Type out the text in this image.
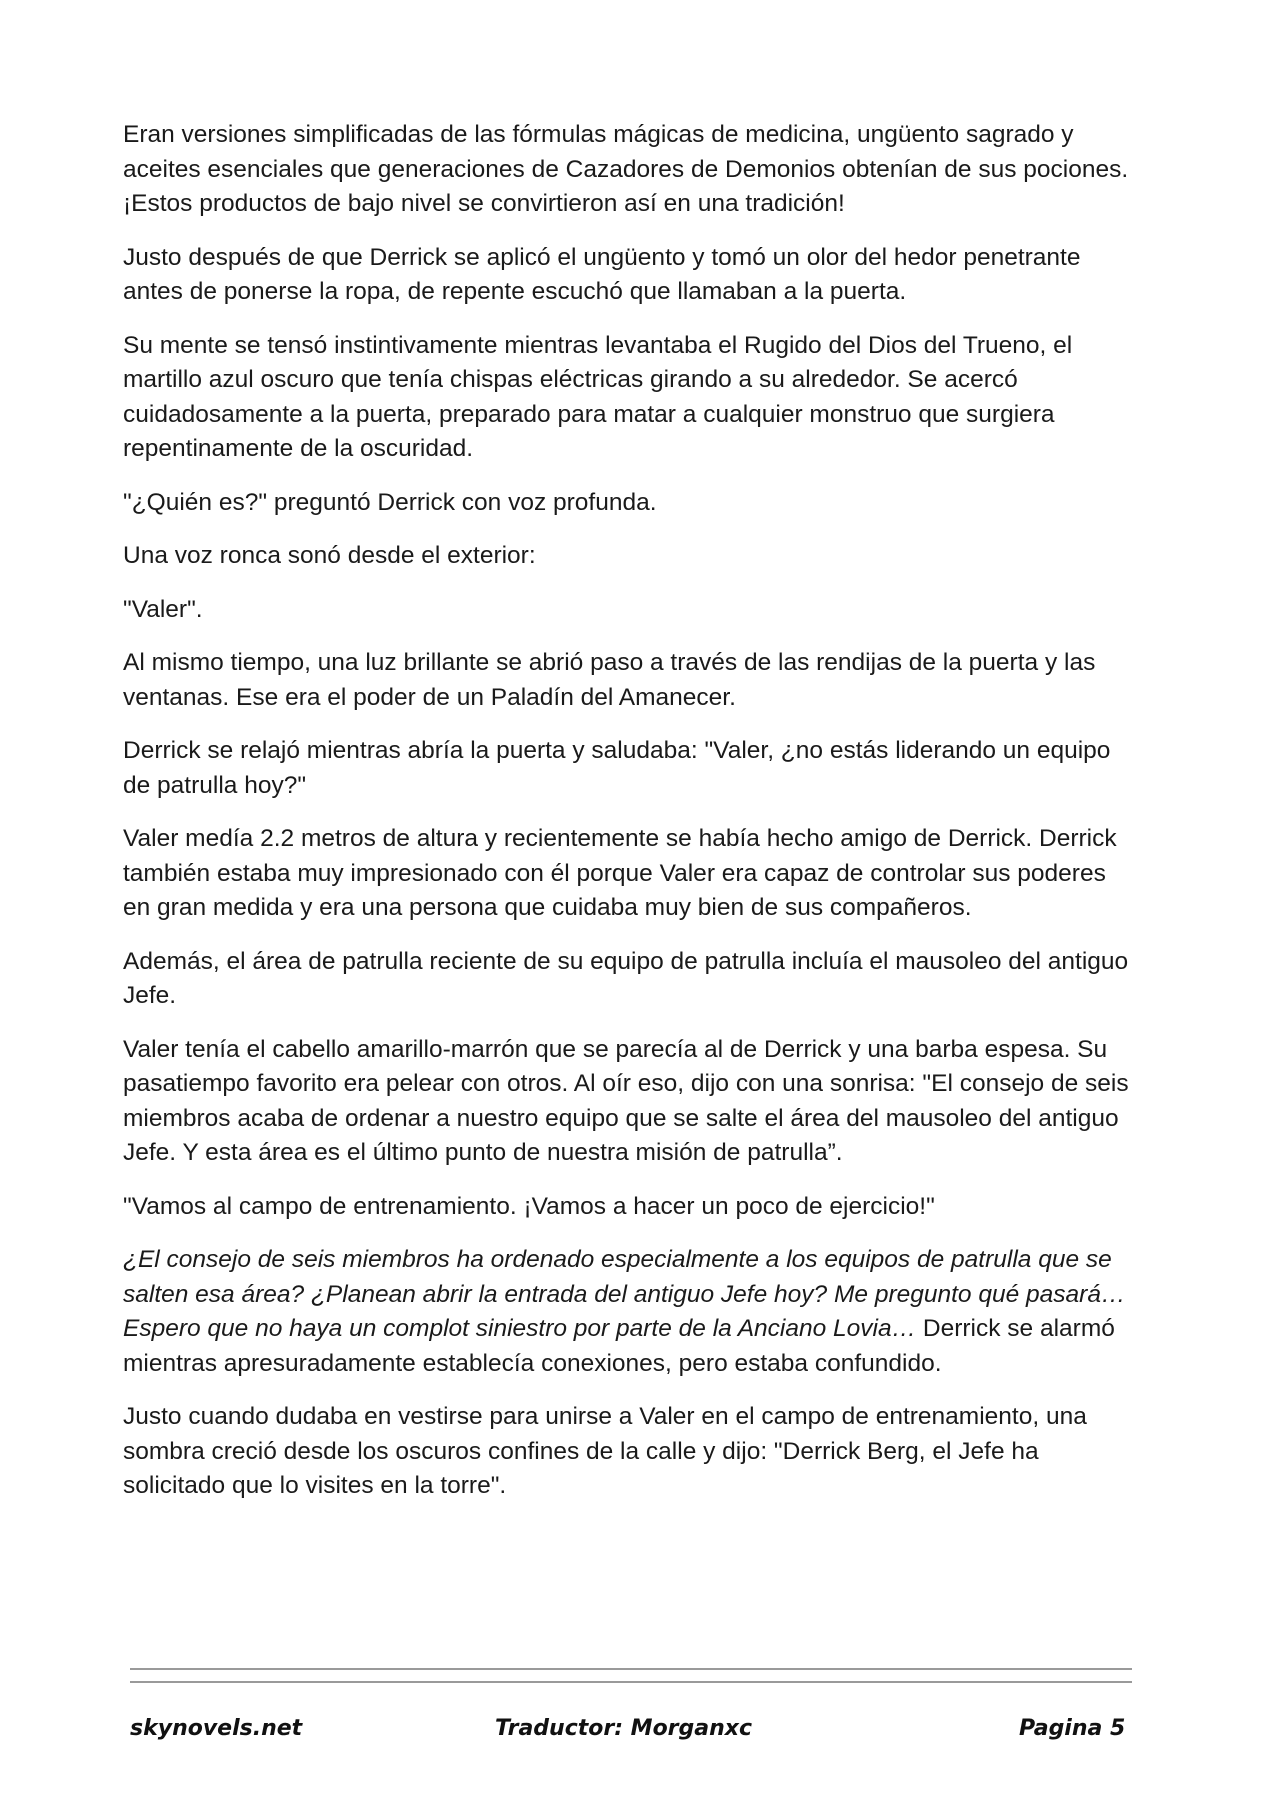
Eran versiones simplificadas de las fórmulas mágicas de medicina, ungüento sagrado y aceites esenciales que generaciones de Cazadores de Demonios obtenían de sus pociones. ¡Estos productos de bajo nivel se convirtieron así en una tradición!

Justo después de que Derrick se aplicó el ungüento y tomó un olor del hedor penetrante antes de ponerse la ropa, de repente escuchó que llamaban a la puerta.

Su mente se tensó instintivamente mientras levantaba el Rugido del Dios del Trueno, el martillo azul oscuro que tenía chispas eléctricas girando a su alrededor. Se acercó cuidadosamente a la puerta, preparado para matar a cualquier monstruo que surgiera repentinamente de la oscuridad.

"¿Quién es?" preguntó Derrick con voz profunda.

Una voz ronca sonó desde el exterior:

"Valer".

Al mismo tiempo, una luz brillante se abrió paso a través de las rendijas de la puerta y las ventanas. Ese era el poder de un Paladín del Amanecer.

Derrick se relajó mientras abría la puerta y saludaba: "Valer, ¿no estás liderando un equipo de patrulla hoy?"

Valer medía 2.2 metros de altura y recientemente se había hecho amigo de Derrick. Derrick también estaba muy impresionado con él porque Valer era capaz de controlar sus poderes en gran medida y era una persona que cuidaba muy bien de sus compañeros.

Además, el área de patrulla reciente de su equipo de patrulla incluía el mausoleo del antiguo Jefe.

Valer tenía el cabello amarillo-marrón que se parecía al de Derrick y una barba espesa. Su pasatiempo favorito era pelear con otros. Al oír eso, dijo con una sonrisa: "El consejo de seis miembros acaba de ordenar a nuestro equipo que se salte el área del mausoleo del antiguo Jefe. Y esta área es el último punto de nuestra misión de patrulla”.

"Vamos al campo de entrenamiento. ¡Vamos a hacer un poco de ejercicio!"

¿El consejo de seis miembros ha ordenado especialmente a los equipos de patrulla que se salten esa área? ¿Planean abrir la entrada del antiguo Jefe hoy? Me pregunto qué pasará… Espero que no haya un complot siniestro por parte de la Anciano Lovia… Derrick se alarmó mientras apresuradamente establecía conexiones, pero estaba confundido.

Justo cuando dudaba en vestirse para unirse a Valer en el campo de entrenamiento, una sombra creció desde los oscuros confines de la calle y dijo: "Derrick Berg, el Jefe ha solicitado que lo visites en la torre".

skynovels.net	Traductor: Morganxc	Pagina 5
